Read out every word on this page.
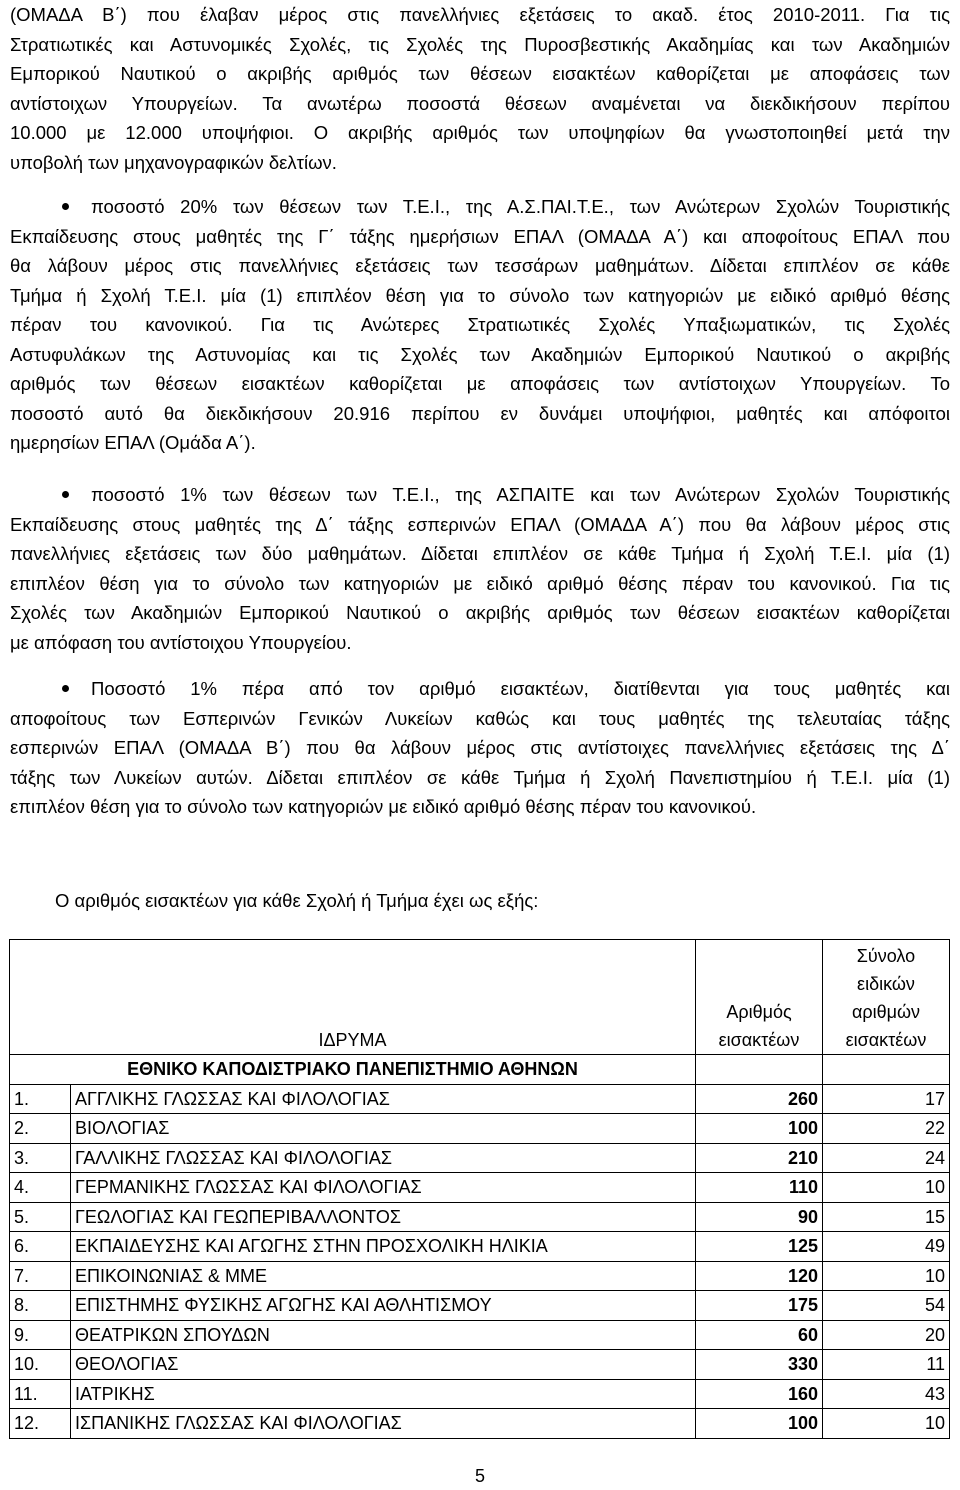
(ΟΜΑΔΑ Β΄) που έλαβαν μέρος στις πανελλήνιες εξετάσεις το ακαδ. έτος 2010-2011. Για τις
Στρατιωτικές και Αστυνομικές Σχολές, τις Σχολές της Πυροσβεστικής Ακαδημίας και των Ακαδημιών
Εμπορικού Ναυτικού ο ακριβής αριθμός των θέσεων εισακτέων καθορίζεται με αποφάσεις των
αντίστοιχων Υπουργείων. Τα ανωτέρω ποσοστά θέσεων αναμένεται να διεκδικήσουν περίπου
10.000 με 12.000 υποψήφιοι. Ο ακριβής αριθμός των υποψηφίων θα γνωστοποιηθεί μετά την
υποβολή των μηχανογραφικών δελτίων.
ποσοστό 20% των θέσεων των Τ.Ε.Ι., της Α.Σ.ΠΑΙ.Τ.Ε., των Ανώτερων Σχολών Τουριστικής
Εκπαίδευσης στους μαθητές της Γ΄ τάξης ημερήσιων ΕΠΑΛ (ΟΜΑΔΑ Α΄) και αποφοίτους ΕΠΑΛ που
θα λάβουν μέρος στις πανελλήνιες εξετάσεις των τεσσάρων μαθημάτων. Δίδεται επιπλέον σε κάθε
Τμήμα ή Σχολή Τ.Ε.Ι. μία (1) επιπλέον θέση για το σύνολο των κατηγοριών με ειδικό αριθμό θέσης
πέραν του κανονικού. Για τις Ανώτερες Στρατιωτικές Σχολές Υπαξιωματικών, τις Σχολές
Αστυφυλάκων της Αστυνομίας και τις Σχολές των Ακαδημιών Εμπορικού Ναυτικού ο ακριβής
αριθμός των θέσεων εισακτέων καθορίζεται με αποφάσεις των αντίστοιχων Υπουργείων. Το
ποσοστό αυτό θα διεκδικήσουν 20.916 περίπου εν δυνάμει υποψήφιοι, μαθητές και απόφοιτοι
ημερησίων ΕΠΑΛ (Ομάδα Α΄).
ποσοστό 1% των θέσεων των Τ.Ε.Ι., της ΑΣΠΑΙΤΕ και των Ανώτερων Σχολών Τουριστικής
Εκπαίδευσης στους μαθητές της Δ΄ τάξης εσπερινών ΕΠΑΛ (ΟΜΑΔΑ Α΄) που θα λάβουν μέρος στις
πανελλήνιες εξετάσεις των δύο μαθημάτων. Δίδεται επιπλέον σε κάθε Τμήμα ή Σχολή Τ.Ε.Ι. μία (1)
επιπλέον θέση για το σύνολο των κατηγοριών με ειδικό αριθμό θέσης πέραν του κανονικού. Για τις
Σχολές των Ακαδημιών Εμπορικού Ναυτικού ο ακριβής αριθμός των θέσεων εισακτέων καθορίζεται
με απόφαση του αντίστοιχου Υπουργείου.
Ποσοστό 1% πέρα από τον αριθμό εισακτέων, διατίθενται για τους μαθητές και
αποφοίτους των Εσπερινών Γενικών Λυκείων καθώς και τους μαθητές της τελευταίας τάξης
εσπερινών ΕΠΑΛ (ΟΜΑΔΑ Β΄) που θα λάβουν μέρος στις αντίστοιχες πανελλήνιες εξετάσεις της Δ΄
τάξης των Λυκείων αυτών. Δίδεται επιπλέον σε κάθε Τμήμα ή Σχολή Πανεπιστημίου ή Τ.Ε.Ι. μία (1)
επιπλέον θέση για το σύνολο των κατηγοριών με ειδικό αριθμό θέσης πέραν του κανονικού.

Ο αριθμός εισακτέων για κάθε Σχολή ή Τμήμα έχει ως εξής:

ΙΔΡΥΜΑ		Αριθμός εισακτέων	Σύνολο ειδικών αριθμών εισακτέων
ΕΘΝΙΚΟ ΚΑΠΟΔΙΣΤΡΙΑΚΟ ΠΑΝΕΠΙΣΤΗΜΙΟ ΑΘΗΝΩΝ			
1.	ΑΓΓΛΙΚΗΣ ΓΛΩΣΣΑΣ ΚΑΙ ΦΙΛΟΛΟΓΙΑΣ	260	17
2.	ΒΙΟΛΟΓΙΑΣ	100	22
3.	ΓΑΛΛΙΚΗΣ ΓΛΩΣΣΑΣ ΚΑΙ ΦΙΛΟΛΟΓΙΑΣ	210	24
4.	ΓΕΡΜΑΝΙΚΗΣ ΓΛΩΣΣΑΣ ΚΑΙ ΦΙΛΟΛΟΓΙΑΣ	110	10
5.	ΓΕΩΛΟΓΙΑΣ ΚΑΙ ΓΕΩΠΕΡΙΒΑΛΛΟΝΤΟΣ	90	15
6.	ΕΚΠΑΙΔΕΥΣΗΣ ΚΑΙ ΑΓΩΓΗΣ ΣΤΗΝ ΠΡΟΣΧΟΛΙΚΗ ΗΛΙΚΙΑ	125	49
7.	ΕΠΙΚΟΙΝΩΝΙΑΣ & ΜΜΕ	120	10
8.	ΕΠΙΣΤΗΜΗΣ ΦΥΣΙΚΗΣ ΑΓΩΓΗΣ ΚΑΙ ΑΘΛΗΤΙΣΜΟΥ	175	54
9.	ΘΕΑΤΡΙΚΩΝ ΣΠΟΥΔΩΝ	60	20
10.	ΘΕΟΛΟΓΙΑΣ	330	11
11.	ΙΑΤΡΙΚΗΣ	160	43
12.	ΙΣΠΑΝΙΚΗΣ ΓΛΩΣΣΑΣ ΚΑΙ ΦΙΛΟΛΟΓΙΑΣ	100	10
5
